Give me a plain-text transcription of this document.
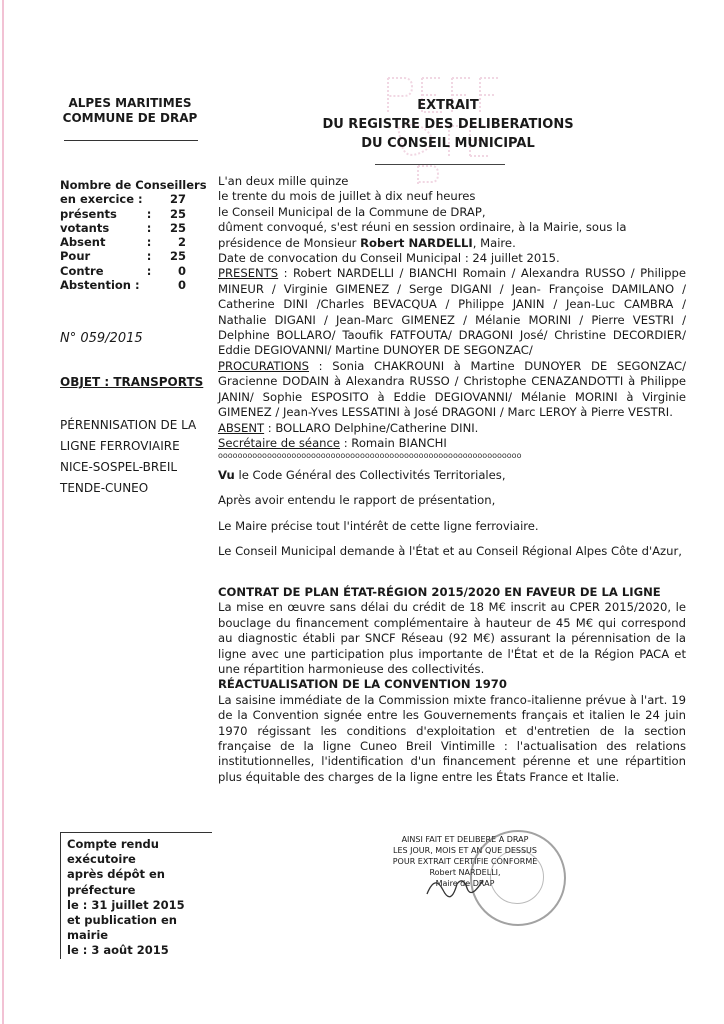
ALPES MARITIMES
COMMUNE DE DRAP
EXTRAIT
DU REGISTRE DES DELIBERATIONS
DU CONSEIL MUNICIPAL
Nombre de Conseillers
en exercice :	27
présents	:	25
votants	:	25
Absent	:	2
Pour	:	25
Contre	:	0
Abstention :	0
N° 059/2015
OBJET : TRANSPORTS
PÉRENNISATION DE LA
LIGNE FERROVIAIRE
NICE-SOSPEL-BREIL
TENDE-CUNEO
L'an deux mille quinze
le trente du mois de juillet à dix neuf heures
le Conseil Municipal de la Commune de DRAP,
dûment convoqué, s'est réuni en session ordinaire, à la Mairie, sous la
présidence de Monsieur Robert NARDELLI, Maire.
Date de convocation du Conseil Municipal : 24 juillet 2015.

PRESENTS : Robert NARDELLI / BIANCHI Romain / Alexandra RUSSO / Philippe MINEUR / Virginie GIMENEZ / Serge DIGANI / Jean- Françoise DAMILANO / Catherine DINI /Charles BEVACQUA / Philippe JANIN / Jean-Luc CAMBRA / Nathalie DIGANI / Jean-Marc GIMENEZ / Mélanie MORINI / Pierre VESTRI / Delphine BOLLARO/ Taoufik FATFOUTA/ DRAGONI José/ Christine DECORDIER/ Eddie DEGIOVANNI/ Martine DUNOYER DE SEGONZAC/

PROCURATIONS : Sonia CHAKROUNI à Martine DUNOYER DE SEGONZAC/ Gracienne DODAIN à Alexandra RUSSO / Christophe CENAZANDOTTI à Philippe JANIN/ Sophie ESPOSITO à Eddie DEGIOVANNI/ Mélanie MORINI à Virginie GIMENEZ / Jean-Yves LESSATINI à José DRAGONI / Marc LEROY à Pierre VESTRI.

ABSENT : BOLLARO Delphine/Catherine DINI.

Secrétaire de séance : Romain BIANCHI

oooooooooooooooooooooooooooooooooooooooooooooooooooooooooooooo

Vu le Code Général des Collectivités Territoriales,

Après avoir entendu le rapport de présentation,

Le Maire précise tout l'intérêt de cette ligne ferroviaire.

Le Conseil Municipal demande à l'État et au Conseil Régional Alpes Côte d'Azur,

CONTRAT DE PLAN ÉTAT-RÉGION 2015/2020 EN FAVEUR DE LA LIGNE

La mise en œuvre sans délai du crédit de 18 M€ inscrit au CPER 2015/2020, le bouclage du financement complémentaire à hauteur de 45 M€ qui correspond au diagnostic établi par SNCF Réseau (92 M€) assurant la pérennisation de la ligne avec une participation plus importante de l'État et de la Région PACA et une répartition harmonieuse des collectivités.

RÉACTUALISATION DE LA CONVENTION 1970

La saisine immédiate de la Commission mixte franco-italienne prévue à l'art. 19 de la Convention signée entre les Gouvernements français et italien le 24 juin 1970 régissant les conditions d'exploitation et d'entretien de la section française de la ligne Cuneo Breil Vintimille : l'actualisation des relations institutionnelles, l'identification d'un financement pérenne et une répartition plus équitable des charges de la ligne entre les États France et Italie.

AINSI FAIT ET DELIBERE A DRAP
LES JOUR, MOIS ET AN QUE DESSUS
POUR EXTRAIT CERTIFIE CONFORME
Robert NARDELLI,
Maire de DRAP
Compte rendu exécutoire
après dépôt en préfecture
le : 31 juillet 2015
et publication en mairie
le : 3 août 2015
